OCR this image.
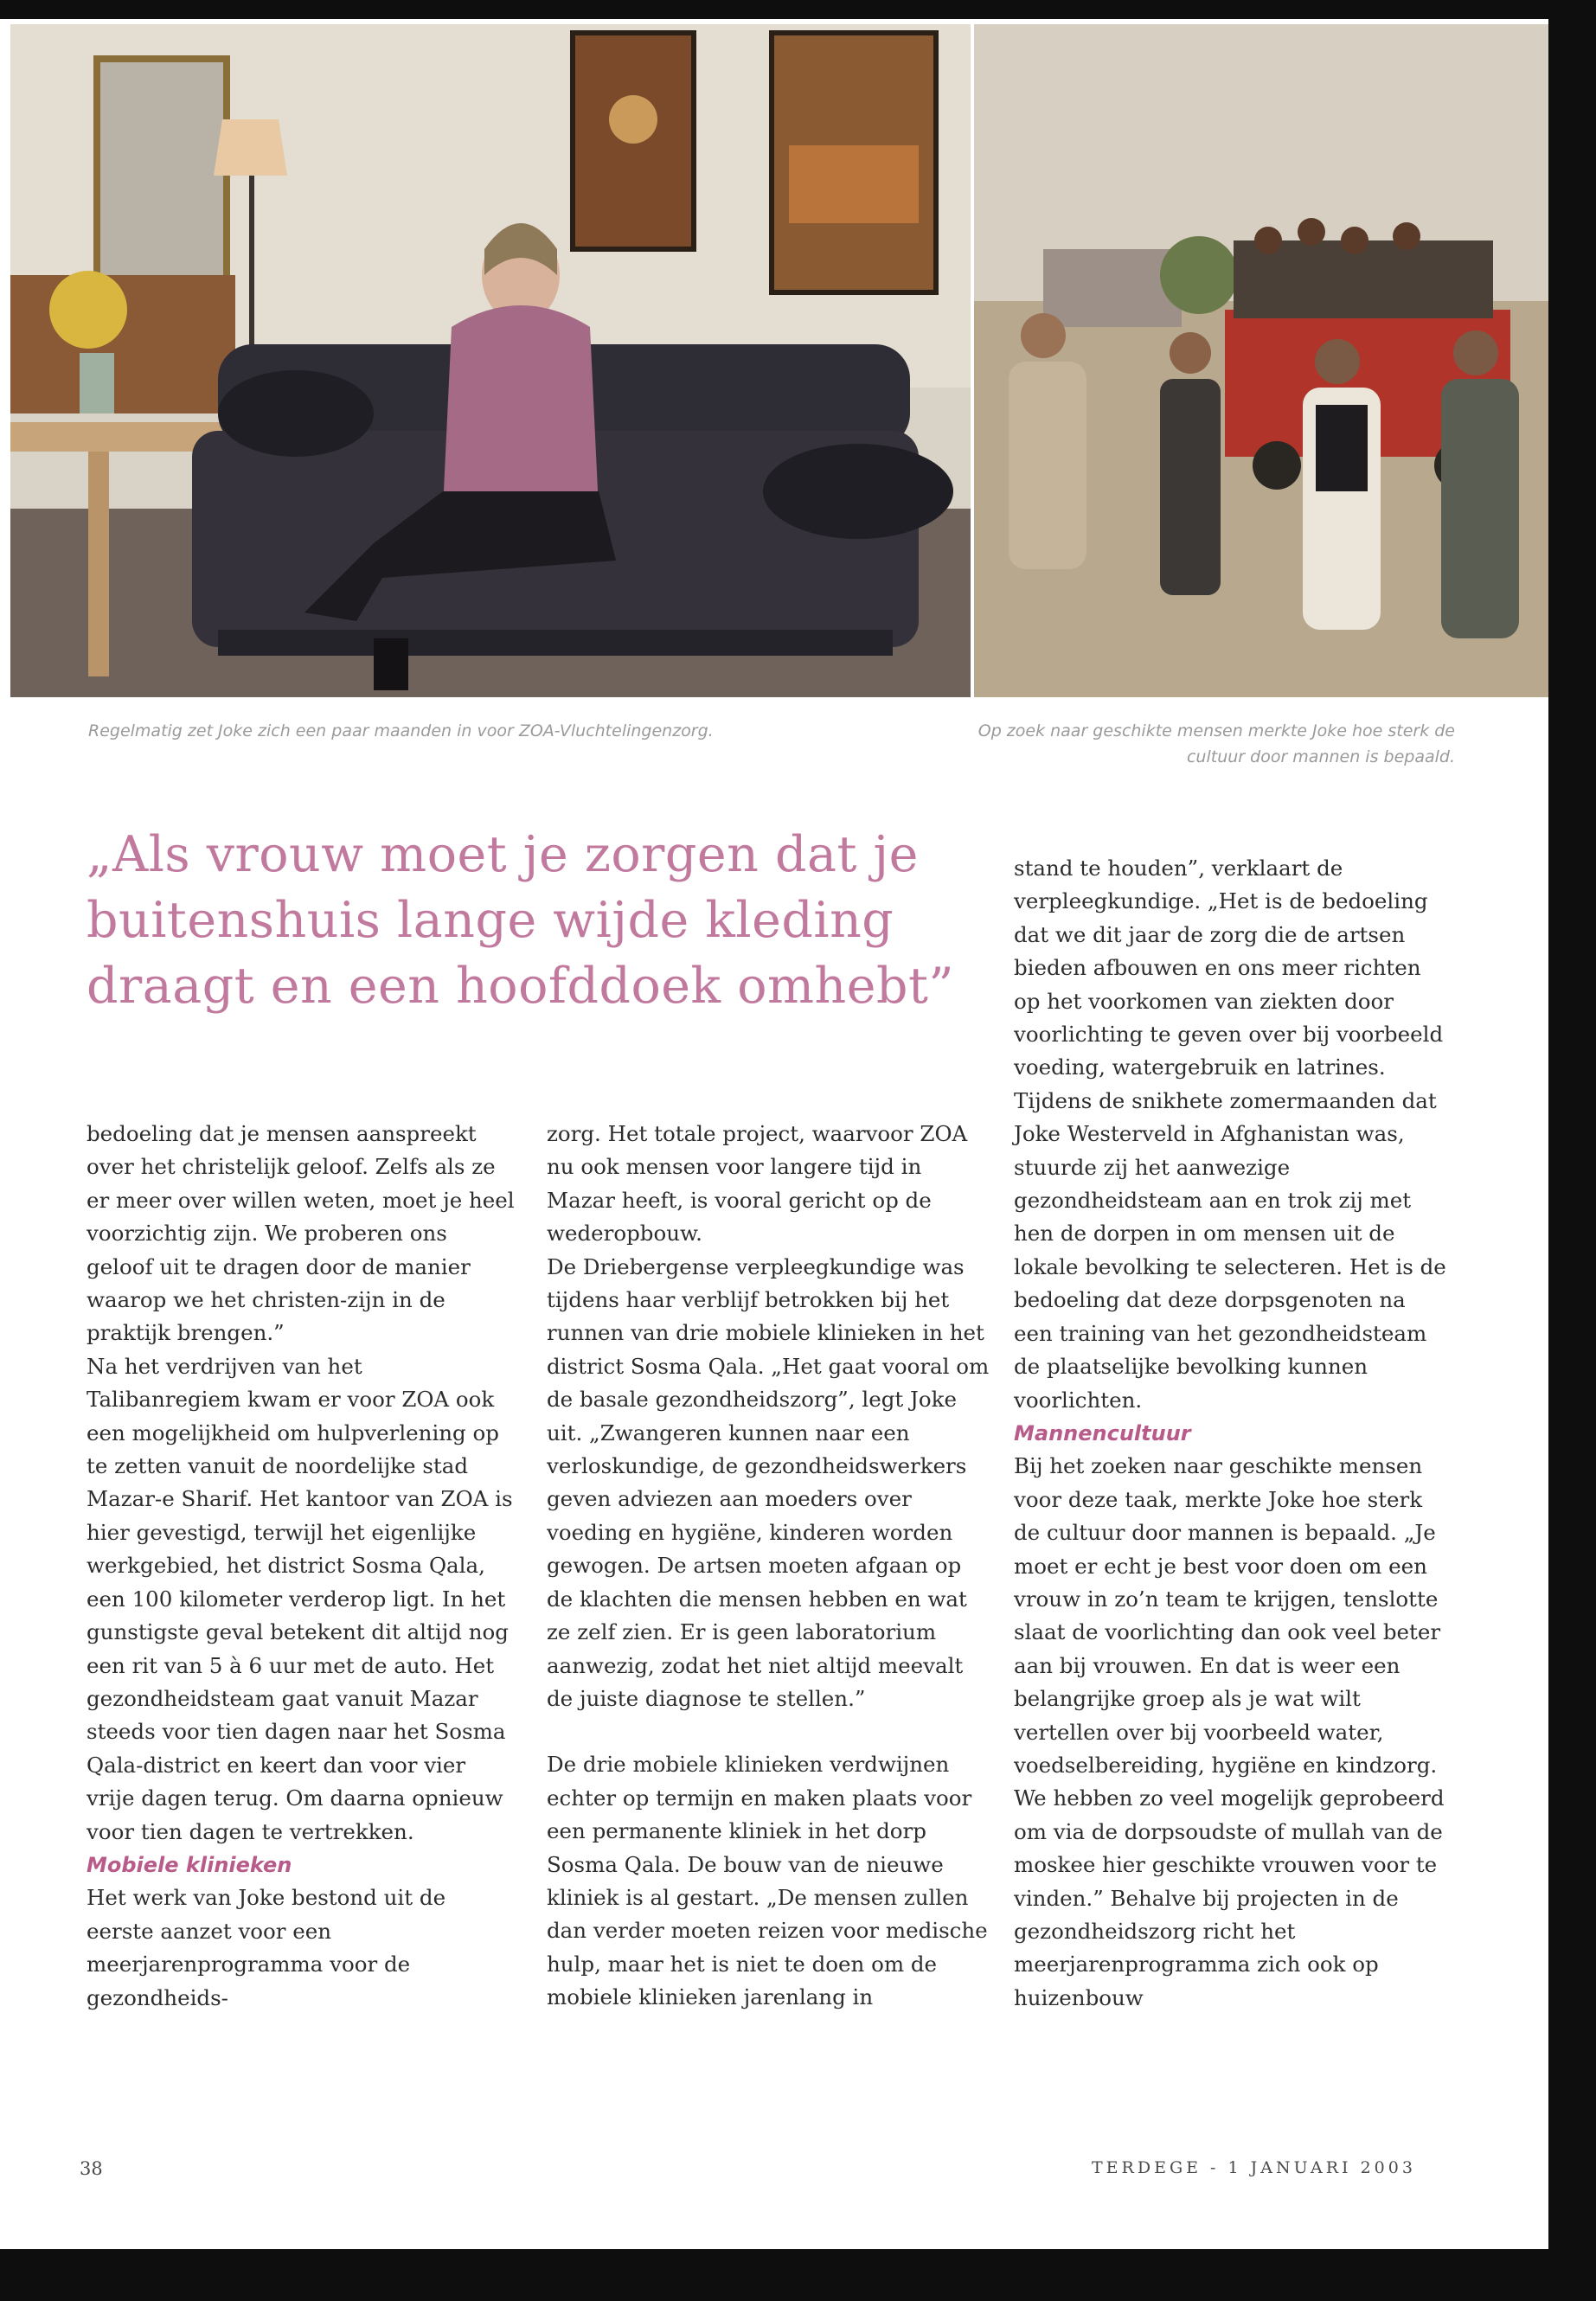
Regelmatig zet Joke zich een paar maanden in voor ZOA-Vluchtelingenzorg.	Op zoek naar geschikte mensen merkte Joke hoe sterk de cultuur door mannen is bepaald.

„Als vrouw moet je zorgen dat je buitenshuis lange wijde kleding draagt en een hoofddoek omhebt”

bedoeling dat je mensen aanspreekt over het christelijk geloof. Zelfs als ze er meer over willen weten, moet je heel voorzichtig zijn. We proberen ons geloof uit te dragen door de manier waarop we het christen-zijn in de praktijk brengen.”

Na het verdrijven van het Talibanregiem kwam er voor ZOA ook een mogelijkheid om hulpverlening op te zetten vanuit de noordelijke stad Mazar-e Sharif. Het kantoor van ZOA is hier gevestigd, terwijl het eigenlijke werkgebied, het district Sosma Qala, een 100 kilometer verderop ligt. In het gunstigste geval betekent dit altijd nog een rit van 5 à 6 uur met de auto. Het gezondheidsteam gaat vanuit Mazar steeds voor tien dagen naar het Sosma Qala-district en keert dan voor vier vrije dagen terug. Om daarna opnieuw voor tien dagen te vertrekken.

Mobiele klinieken

Het werk van Joke bestond uit de eerste aanzet voor een meerjarenprogramma voor de gezondheids-

zorg. Het totale project, waarvoor ZOA nu ook mensen voor langere tijd in Mazar heeft, is vooral gericht op de wederopbouw.

De Driebergense verpleegkundige was tijdens haar verblijf betrokken bij het runnen van drie mobiele klinieken in het district Sosma Qala. „Het gaat vooral om de basale gezondheidszorg”, legt Joke uit. „Zwangeren kunnen naar een verloskundige, de gezondheidswerkers geven adviezen aan moeders over voeding en hygiëne, kinderen worden gewogen. De artsen moeten afgaan op de klachten die mensen hebben en wat ze zelf zien. Er is geen laboratorium aanwezig, zodat het niet altijd meevalt de juiste diagnose te stellen.”

De drie mobiele klinieken verdwijnen echter op termijn en maken plaats voor een permanente kliniek in het dorp Sosma Qala. De bouw van de nieuwe kliniek is al gestart. „De mensen zullen dan verder moeten reizen voor medische hulp, maar het is niet te doen om de mobiele klinieken jarenlang in

stand te houden”, verklaart de verpleegkundige. „Het is de bedoeling dat we dit jaar de zorg die de artsen bieden afbouwen en ons meer richten op het voorkomen van ziekten door voorlichting te geven over bij voorbeeld voeding, watergebruik en latrines.

Tijdens de snikhete zomermaanden dat Joke Westerveld in Afghanistan was, stuurde zij het aanwezige gezondheidsteam aan en trok zij met hen de dorpen in om mensen uit de lokale bevolking te selecteren. Het is de bedoeling dat deze dorpsgenoten na een training van het gezondheidsteam de plaatselijke bevolking kunnen voorlichten.

Mannencultuur

Bij het zoeken naar geschikte mensen voor deze taak, merkte Joke hoe sterk de cultuur door mannen is bepaald. „Je moet er echt je best voor doen om een vrouw in zo’n team te krijgen, tenslotte slaat de voorlichting dan ook veel beter aan bij vrouwen. En dat is weer een belangrijke groep als je wat wilt vertellen over bij voorbeeld water, voedselbereiding, hygiëne en kindzorg. We hebben zo veel mogelijk geprobeerd om via de dorpsoudste of mullah van de moskee hier geschikte vrouwen voor te vinden.” Behalve bij projecten in de gezondheidszorg richt het meerjarenprogramma zich ook op huizenbouw

38	TERDEGE - 1 JANUARI 2003
